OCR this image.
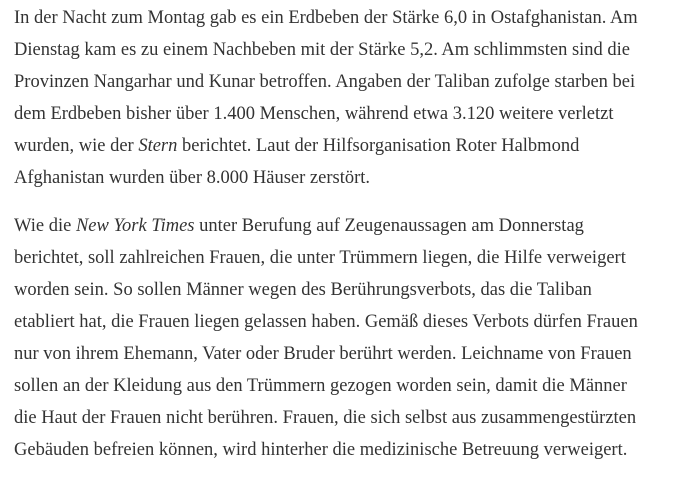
In der Nacht zum Montag gab es ein Erdbeben der Stärke 6,0 in Ostafghanistan. Am
Dienstag kam es zu einem Nachbeben mit der Stärke 5,2. Am schlimmsten sind die
Provinzen Nangarhar und Kunar betroffen. Angaben der Taliban zufolge starben bei
dem Erdbeben bisher über 1.400 Menschen, während etwa 3.120 weitere verletzt
wurden, wie der Stern berichtet. Laut der Hilfsorganisation Roter Halbmond
Afghanistan wurden über 8.000 Häuser zerstört.

Wie die New York Times unter Berufung auf Zeugenaussagen am Donnerstag
berichtet, soll zahlreichen Frauen, die unter Trümmern liegen, die Hilfe verweigert
worden sein. So sollen Männer wegen des Berührungsverbots, das die Taliban
etabliert hat, die Frauen liegen gelassen haben. Gemäß dieses Verbots dürfen Frauen
nur von ihrem Ehemann, Vater oder Bruder berührt werden. Leichname von Frauen
sollen an der Kleidung aus den Trümmern gezogen worden sein, damit die Männer
die Haut der Frauen nicht berühren. Frauen, die sich selbst aus zusammengestürzten
Gebäuden befreien können, wird hinterher die medizinische Betreuung verweigert.
